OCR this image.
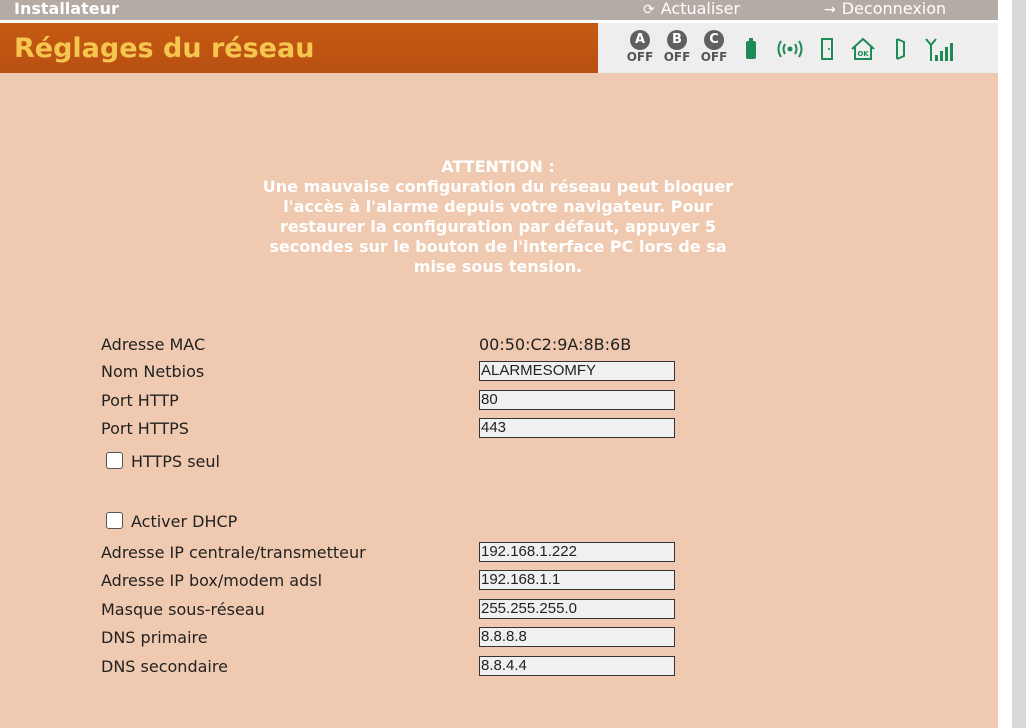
Installateur	⟳ Actualiser	→ Deconnexion
Réglages du réseau	A
OFF
B
OFF
C
OFF	OK
ATTENTION :
Une mauvaise configuration du réseau peut bloquer
l'accès à l'alarme depuis votre navigateur. Pour
restaurer la configuration par défaut, appuyer 5
secondes sur le bouton de l'interface PC lors de sa
mise sous tension.
Adresse MAC	00:50:C2:9A:8B:6B
Nom Netbios	ALARMESOMFY
Port HTTP	80
Port HTTPS	443
HTTPS seul
Activer DHCP
Adresse IP centrale/transmetteur	192.168.1.222
Adresse IP box/modem adsl	192.168.1.1
Masque sous-réseau	255.255.255.0
DNS primaire	8.8.8.8
DNS secondaire	8.8.4.4
